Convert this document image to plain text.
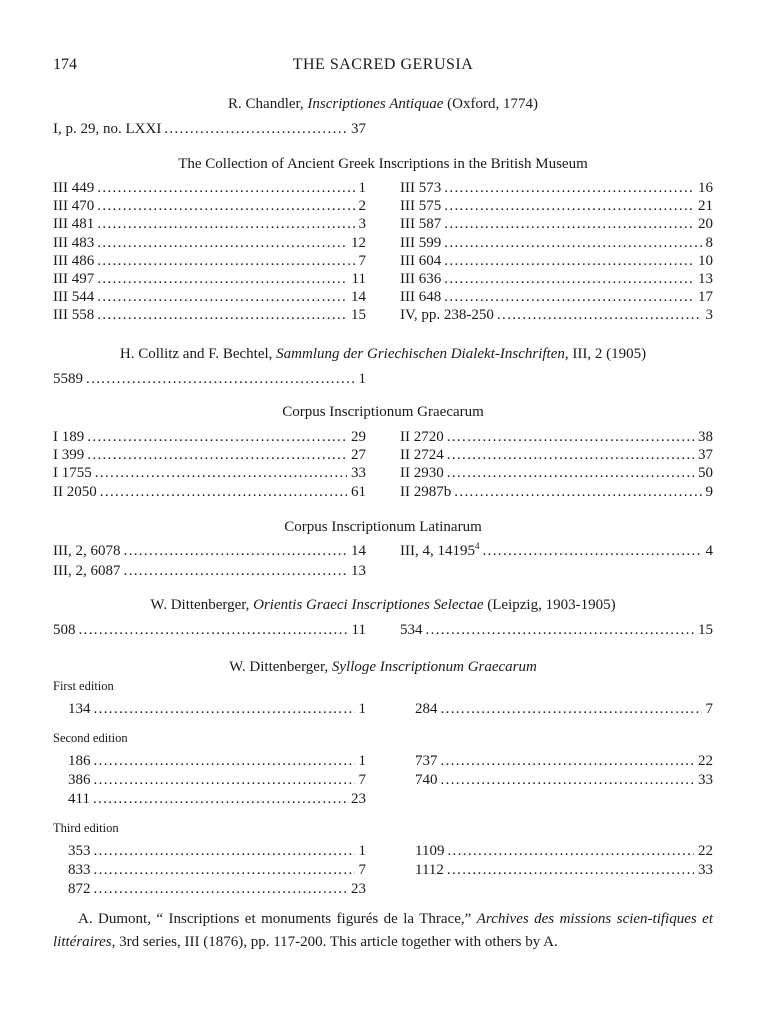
174	THE SACRED GERUSIA
R. Chandler, Inscriptiones Antiquae (Oxford, 1774)
I, p. 29, no. LXXI . . .	37
The Collection of Ancient Greek Inscriptions in the British Museum
III 449 . . .	1
III 470 . . .	2
III 481 . . .	3
III 483 . . .	12
III 486 . . .	7
III 497 . . .	11
III 544 . . .	14
III 558 . . .	15
III 573 . . .	16
III 575 . . .	21
III 587 . . .	20
III 599 . . .	8
III 604 . . .	10
III 636 . . .	13
III 648 . . .	17
IV, pp. 238-250 . . .	3
H. Collitz and F. Bechtel, Sammlung der Griechischen Dialekt-Inschriften, III, 2 (1905)
5589 . . .	1
Corpus Inscriptionum Graecarum
I 189 . . .	29
I 399 . . .	27
I 1755 . . .	33
II 2050 . . .	61
II 2720 . . .	38
II 2724 . . .	37
II 2930 . . .	50
II 2987b . . .	9
Corpus Inscriptionum Latinarum
III, 2, 6078 . . .	14
III, 2, 6087 . . .	13
III, 4, 14195$^4$ . . .	4
W. Dittenberger, Orientis Graeci Inscriptiones Selectae (Leipzig, 1903-1905)
508 . . .	11 534 . . .	15
W. Dittenberger, Sylloge Inscriptionum Graecarum
First edition
134 . . .	1	284 . . .	7
Second edition
186 . . .	1
386 . . .	7
411 . . .	23
737 . . .	22
740 . . .	33
Third edition
353 . . .	1
833 . . .	7
872 . . .	23
1109 . . .	22
1112 . . .	33

A. Dumont, “ Inscriptions et monuments figurés de la Thrace,” Archives des missions scien-tifiques et littéraires, 3rd series, III (1876), pp. 117-200. This article together with others by A.
